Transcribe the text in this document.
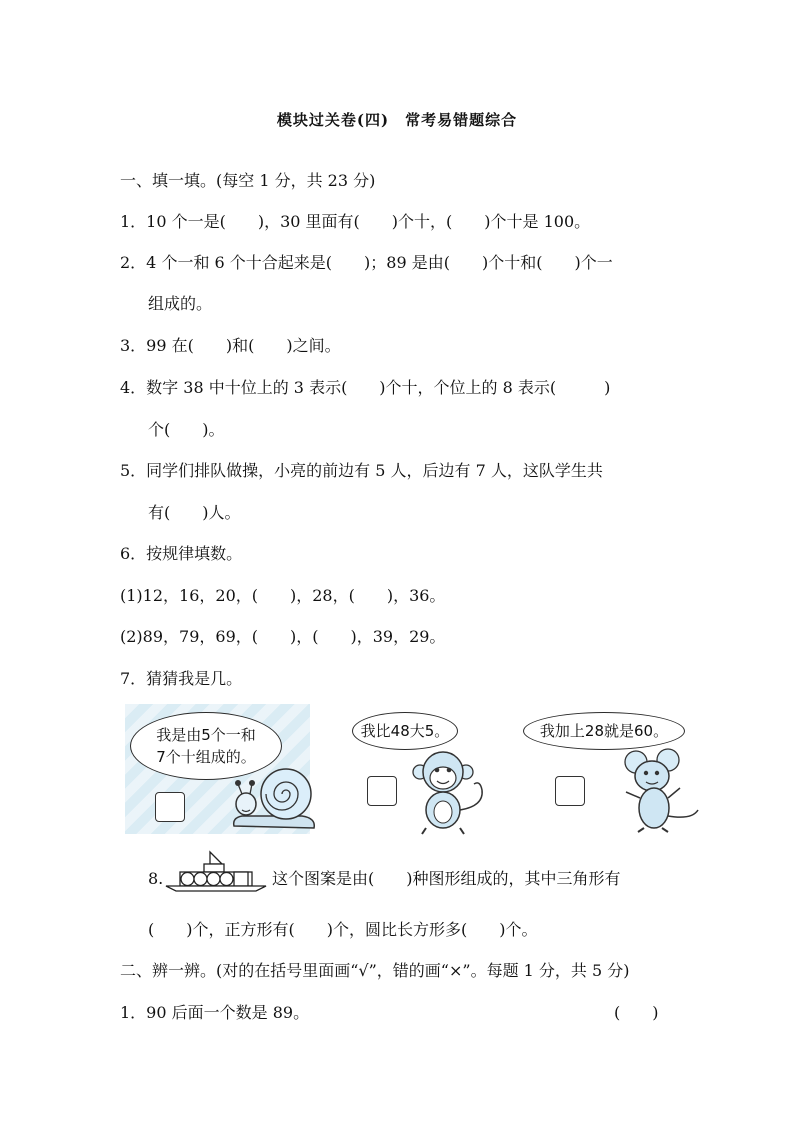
模块过关卷(四)　常考易错题综合
一、填一填。(每空 1 分，共 23 分)
1．10 个一是(　　)，30 里面有(　　)个十，(　　)个十是 100。
2．4 个一和 6 个十合起来是(　　)；89 是由(　　)个十和(　　)个一
组成的。
3．99 在(　　)和(　　)之间。
4．数字 38 中十位上的 3 表示(　　)个十，个位上的 8 表示(　　　)
个(　　)。
5．同学们排队做操，小亮的前边有 5 人，后边有 7 人，这队学生共
有(　　)人。
6．按规律填数。
(1)12，16，20，(　　)，28，(　　)，36。
(2)89，79，69，(　　)，(　　)，39，29。
7．猜猜我是几。
我是由5个一和
7个十组成的。
我比48大5。	我加上28就是60。
8.	这个图案是由(　　)种图形组成的，其中三角形有
(　　)个，正方形有(　　)个，圆比长方形多(　　)个。
二、辨一辨。(对的在括号里面画“√”，错的画“×”。每题 1 分，共 5 分)
1．90 后面一个数是 89。	(　　)
